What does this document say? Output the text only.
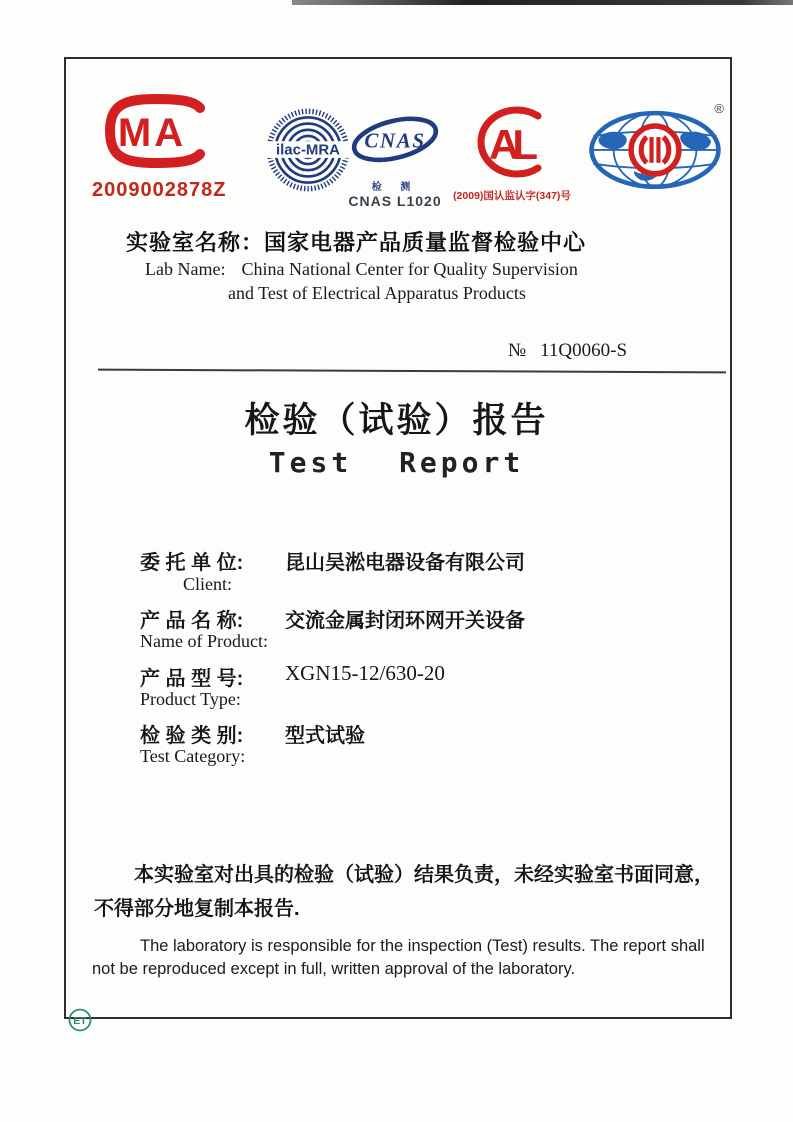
MA
2009002878Z
ilac-MRA CNAS
检 测
CNAS L1020
AL
(2009)国认监认字(347)号
®
实验室名称：国家电器产品质量监督检验中心
Lab Name: China National Center for Quality Supervision
and Test of Electrical Apparatus Products
№ 11Q0060-S
检验（试验）报告
Test Report
委 托 单 位: 昆山吴淞电器设备有限公司
Client:
产 品 名 称: 交流金属封闭环网开关设备
Name of Product:
产 品 型 号: XGN15-12/630-20
Product Type:
检 验 类 别: 型式试验
Test Category:
本实验室对出具的检验（试验）结果负责，未经实验室书面同意，
不得部分地复制本报告.
The laboratory is responsible for the inspection (Test) results. The report shall
not be reproduced except in full, written approval of the laboratory.
ET
